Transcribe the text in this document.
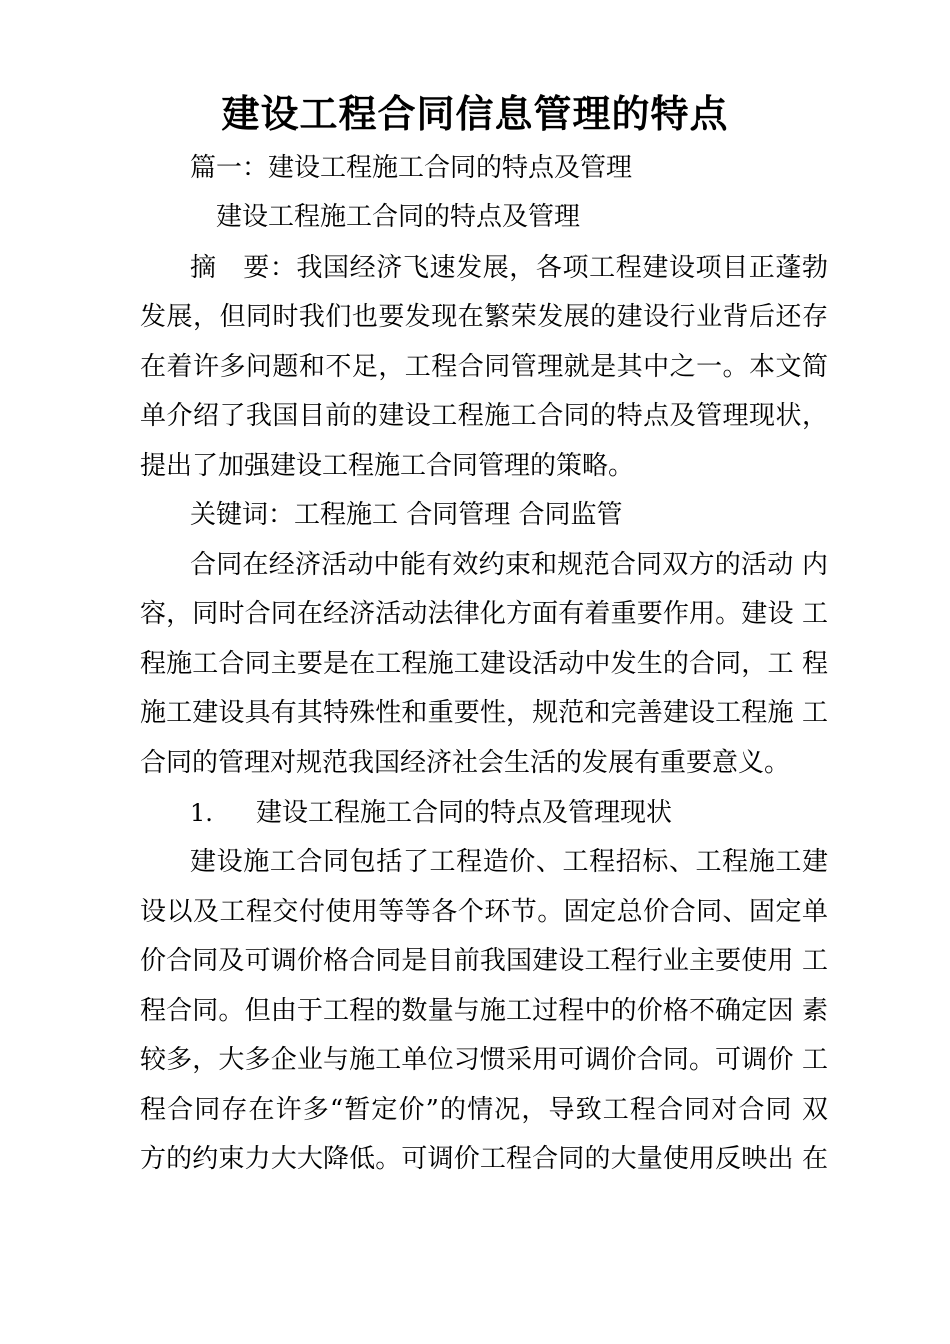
建设工程合同信息管理的特点
篇一：建设工程施工合同的特点及管理
建设工程施工合同的特点及管理
摘　要：我国经济飞速发展，各项工程建设项目正蓬勃
发展，但同时我们也要发现在繁荣发展的建设行业背后还存
在着许多问题和不足，工程合同管理就是其中之一。本文简
单介绍了我国目前的建设工程施工合同的特点及管理现状，
提出了加强建设工程施工合同管理的策略。
关键词：工程施工 合同管理 合同监管
合同在经济活动中能有效约束和规范合同双方的活动 内
容，同时合同在经济活动法律化方面有着重要作用。建设 工
程施工合同主要是在工程施工建设活动中发生的合同，工 程
施工建设具有其特殊性和重要性，规范和完善建设工程施 工
合同的管理对规范我国经济社会生活的发展有重要意义。
1. 建设工程施工合同的特点及管理现状
建设施工合同包括了工程造价、工程招标、工程施工建
设以及工程交付使用等等各个环节。固定总价合同、固定单
价合同及可调价格合同是目前我国建设工程行业主要使用 工
程合同。但由于工程的数量与施工过程中的价格不确定因 素
较多，大多企业与施工单位习惯采用可调价合同。可调价 工
程合同存在许多“暂定价”的情况，导致工程合同对合同 双
方的约束力大大降低。可调价工程合同的大量使用反映出 在
